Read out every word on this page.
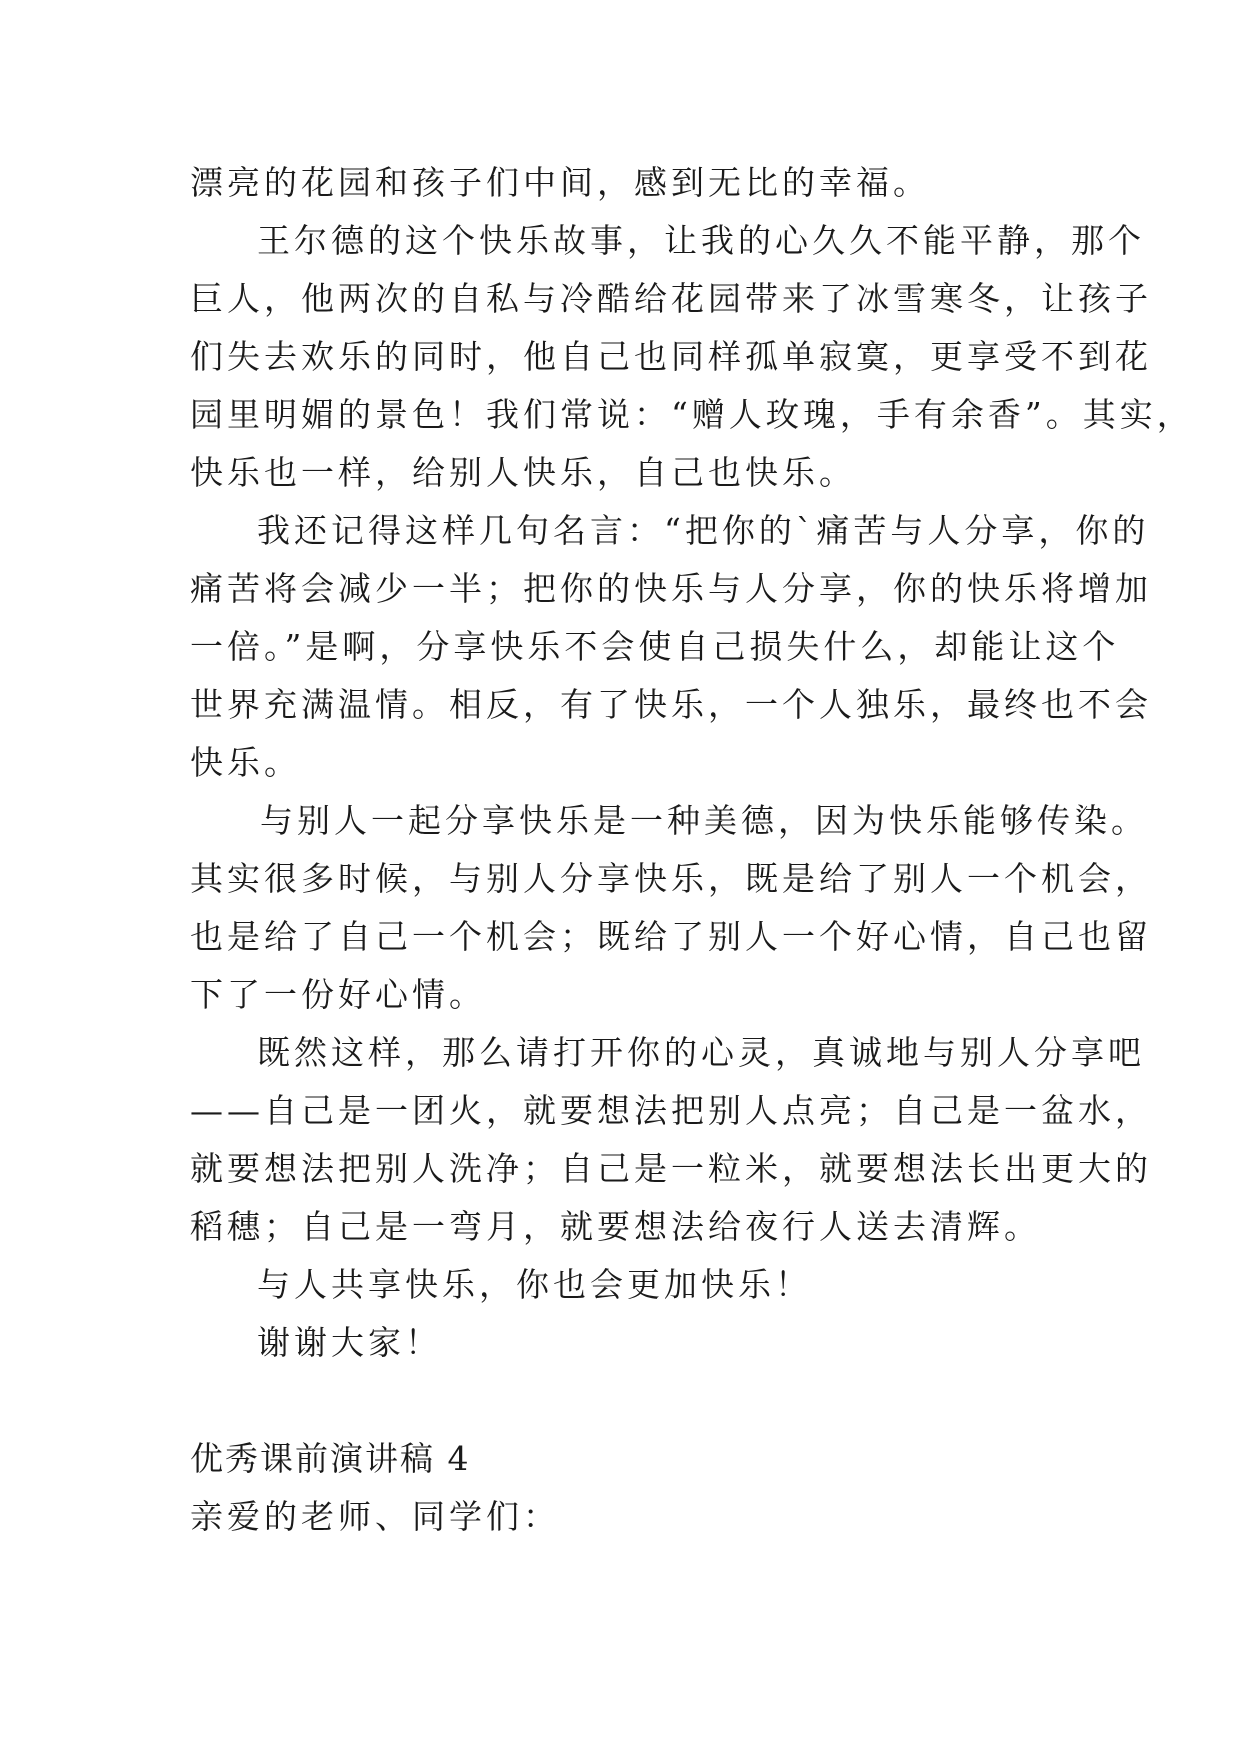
漂亮的花园和孩子们中间，感到无比的幸福。
王尔德的这个快乐故事，让我的心久久不能平静，那个
巨人，他两次的自私与冷酷给花园带来了冰雪寒冬，让孩子
们失去欢乐的同时，他自己也同样孤单寂寞，更享受不到花
园里明媚的景色！我们常说：“赠人玫瑰，手有余香”。其实，
快乐也一样，给别人快乐，自己也快乐。
我还记得这样几句名言：“把你的`痛苦与人分享，你的
痛苦将会减少一半；把你的快乐与人分享，你的快乐将增加
一倍。”是啊，分享快乐不会使自己损失什么，却能让这个
世界充满温情。相反，有了快乐，一个人独乐，最终也不会
快乐。
与别人一起分享快乐是一种美德，因为快乐能够传染。
其实很多时候，与别人分享快乐，既是给了别人一个机会，
也是给了自己一个机会；既给了别人一个好心情，自己也留
下了一份好心情。
既然这样，那么请打开你的心灵，真诚地与别人分享吧
——自己是一团火，就要想法把别人点亮；自己是一盆水，
就要想法把别人洗净；自己是一粒米，就要想法长出更大的
稻穗；自己是一弯月，就要想法给夜行人送去清辉。
与人共享快乐，你也会更加快乐！
谢谢大家！
优秀课前演讲稿 4
亲爱的老师、同学们：
